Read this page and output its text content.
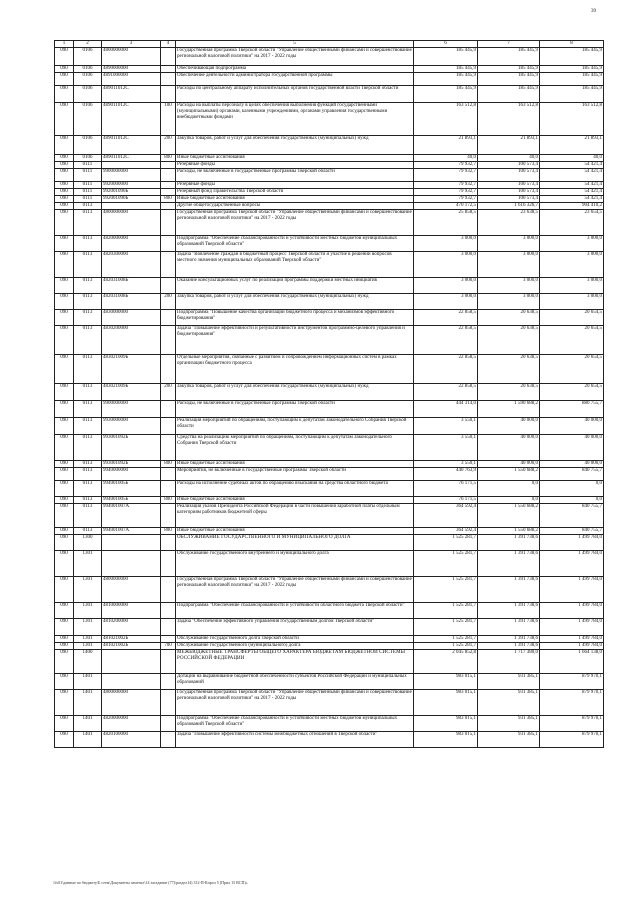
39
1	2	3	4	5	6	7	8
090	0106	4800000000		Государственная программа Тверской области "Управление общественными финансами и совершенствование региональной налоговой политики" на 2017 - 2022 годы	185 445,9	185 445,9	185 445,9
090	0106	4890000000		Обеспечивающая подпрограмма	185 445,9	185 445,9	185 445,9
090	0106	4891000000		Обеспечение деятельности администратора государственной программы	185 445,9	185 445,9	185 445,9
090	0106	489011012С		Расходы по центральному аппарату исполнительных органов государственной власти Тверской области	185 445,9	185 445,9	185 445,9
090	0106	489011012С	100	Расходы на выплаты персоналу в целях обеспечения выполнения функций государственными (муниципальными) органами, казенными учреждениями, органами управления государственными внебюджетными фондами	163 512,8	163 512,8	163 512,8
090	0106	489011012С	200	Закупка товаров, работ и услуг для обеспечения государственных (муниципальных) нужд	21 893,1	21 893,1	21 893,1
090	0106	489011012С	800	Иные бюджетные ассигнования	40,0	40,0	40,0
090	0111			Резервные фонды	79 932,7	100 573,4	54 421,4
090	0111	9900000000		Расходы, не включенные в государственные программы Тверской области	79 932,7	100 573,4	54 421,4
090	0111	9920000000		Резервные фонды	79 932,7	100 573,4	54 421,4
090	0111	992001090Б		Резервный фонд Правительства Тверской области	79 932,7	100 573,4	54 421,4
090	0111	992001090Б	800	Иные бюджетные ассигнования	79 932,7	100 573,4	54 421,4
090	0113			Другие общегосударственные вопросы	470 172,5	1 616 326,7	904 410,2
090	0113	4800000000		Государственная программа Тверской области "Управление общественными финансами и совершенствование региональной налоговой политики" на 2017 - 2022 годы	25 858,5	23 638,5	23 654,5
090	0113	4820000000		Подпрограмма "Обеспечение сбалансированности и устойчивости местных бюджетов муниципальных образований Тверской области"	3 000,0	3 000,0	3 000,0
090	0113	4820300000		Задача "Вовлечение граждан в бюджетный процесс Тверской области и участие в решении вопросов местного значения муниципальных образований Тверской области"	3 000,0	3 000,0	3 000,0
090	0113	482031008Б		Оказание консультационных услуг по реализации программы поддержки местных инициатив	3 000,0	3 000,0	3 000,0
090	0113	482031008Б	200	Закупка товаров, работ и услуг для обеспечения государственных (муниципальных) нужд	3 000,0	3 000,0	3 000,0
090	0113	4830000000		Подпрограмма "Повышение качества организации бюджетного процесса и механизмов эффективного бюджетирования"	22 858,5	20 638,5	20 654,5
090	0113	4830200000		Задача "Повышение эффективности и результативности инструментов программно-целевого управления и бюджетирования"	22 858,5	20 638,5	20 654,5
090	0113	483021009Б		Отдельные мероприятия, связанные с развитием и сопровождением информационных систем в рамках организации бюджетного процесса	22 858,5	20 638,5	20 654,5
090	0113	483021009Б	200	Закупка товаров, работ и услуг для обеспечения государственных (муниципальных) нужд	22 858,5	20 638,5	20 654,5
090	0113	9900000000		Расходы, не включенные в государственные программы Тверской области	444 314,0	1 590 688,2	880 755,7
090	0113	9930000000		Реализация мероприятий по обращениям, поступающим к депутатам Законодательного Собрания Тверской области	3 550,1	40 000,0	40 000,0
090	0113	993001092Б		Средства на реализацию мероприятий по обращениям, поступающим к депутатам Законодательного Собрания Тверской области	3 550,1	40 000,0	40 000,0
090	0113	993001092Б	800	Иные бюджетные ассигнования	3 550,1	40 000,0	40 000,0
090	0113	9940000000		Мероприятия, не включенные в государственные программы Тверской области	440 763,9	1 550 688,2	840 755,7
090	0113	994001005Б		Расходы на исполнение судебных актов по обращению взыскания на средства областного бюджета	76 171,5	0,0	0,0
090	0113	994001005Б	800	Иные бюджетные ассигнования	76 171,5	0,0	0,0
090	0113	994001007А		Реализация указов Президента Российской Федерации в части повышения заработной платы отдельным категориям работников бюджетной сферы	364 592,4	1 550 688,2	840 755,7
090	0113	994001007А	800	Иные бюджетные ассигнования	364 592,4	1 550 688,2	840 755,7
090	1300			ОБСЛУЖИВАНИЕ ГОСУДАРСТВЕННОГО И МУНИЦИПАЛЬНОГО ДОЛГА	1 525 281,7	1 391 738,6	1 499 784,0
090	1301			Обслуживание государственного внутреннего и муниципального долга	1 525 281,7	1 391 738,6	1 499 784,0
090	1301	4800000000		Государственная программа Тверской области "Управление общественными финансами и совершенствование региональной налоговой политики" на 2017 - 2022 годы	1 525 281,7	1 391 738,6	1 499 784,0
090	1301	4810000000		Подпрограмма "Обеспечение сбалансированности и устойчивости областного бюджета Тверской области"	1 525 281,7	1 391 738,6	1 499 784,0
090	1301	4810200000		Задача "Обеспечение эффективного управления государственным долгом Тверской области"	1 525 281,7	1 391 738,6	1 499 784,0
090	1301	481021002Б		Обслуживание государственного долга Тверской области	1 525 281,7	1 391 738,6	1 499 784,0
090	1301	481021002Б	700	Обслуживание государственного (муниципального) долга	1 525 281,7	1 391 738,6	1 499 784,0
090	1400			МЕЖБЮДЖЕТНЫЕ ТРАНСФЕРТЫ ОБЩЕГО ХАРАКТЕРА БЮДЖЕТАМ БЮДЖЕТНОЙ СИСТЕМЫ РОССИЙСКОЙ ФЕДЕРАЦИИ	2 045 852,8	1 717 380,0	1 664 138,0
090	1401			Дотации на выравнивание бюджетной обеспеченности субъектов Российской Федерации и муниципальных образований	983 015,1	931 385,1	879 970,1
090	1401	4800000000		Государственная программа Тверской области "Управление общественными финансами и совершенствование региональной налоговой политики" на 2017 - 2022 годы	983 015,1	931 385,1	879 970,1
090	1401	4820000000		Подпрограмма "Обеспечение сбалансированности и устойчивости местных бюджетов муниципальных образований Тверской области"	983 015,1	931 385,1	879 970,1
090	1401	4820100000		Задача "Повышение эффективности системы межбюджетных отношений в Тверской области"	983 015,1	931 385,1	879 970,1
\\fs01\данные по бюджету\Б сеем\Документы заметил\14 заседание (77)\раздел14) 312-П-Кпрол 5 (Прил 15 ВСП)»
